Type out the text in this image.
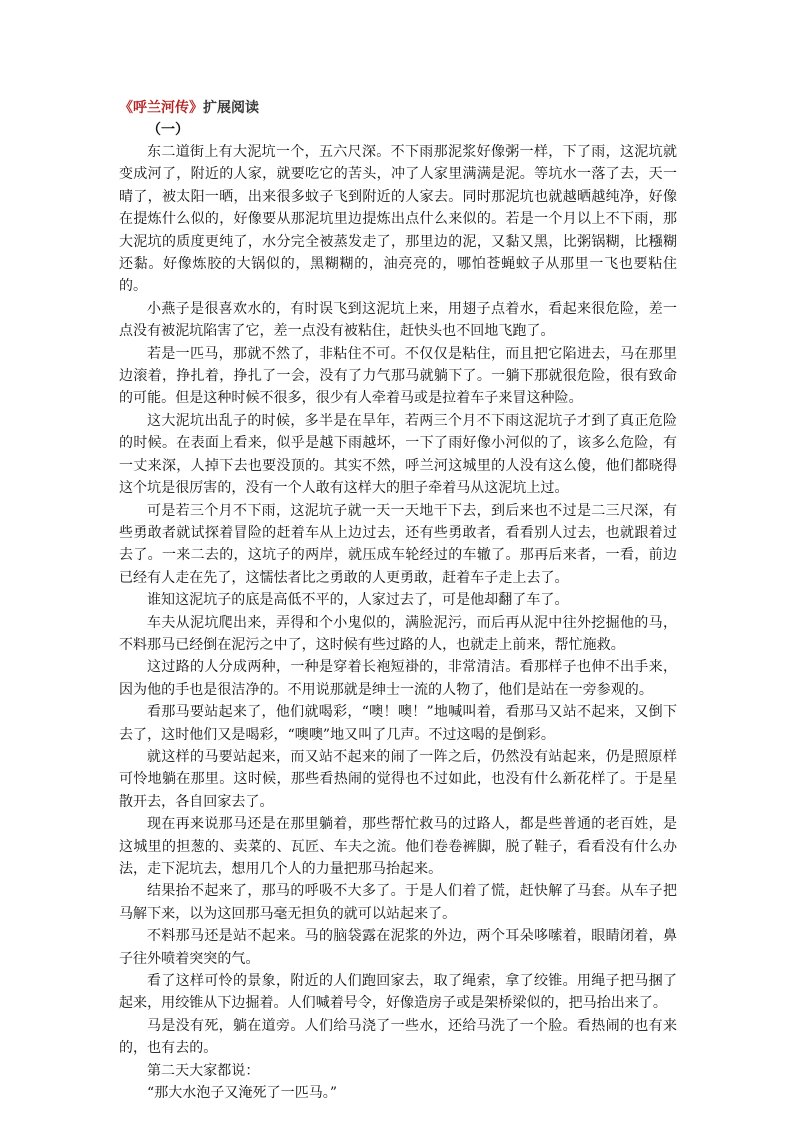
《呼兰河传》扩展阅读

（一）

东二道街上有大泥坑一个，五六尺深。不下雨那泥浆好像粥一样，下了雨，这泥坑就变成河了，附近的人家，就要吃它的苦头，冲了人家里满满是泥。等坑水一落了去，天一晴了，被太阳一晒，出来很多蚊子飞到附近的人家去。同时那泥坑也就越晒越纯净，好像在提炼什么似的，好像要从那泥坑里边提炼出点什么来似的。若是一个月以上不下雨，那大泥坑的质度更纯了，水分完全被蒸发走了，那里边的泥，又黏又黑，比粥锅糊，比糨糊还黏。好像炼胶的大锅似的，黑糊糊的，油亮亮的，哪怕苍蝇蚊子从那里一飞也要粘住的。

小燕子是很喜欢水的，有时误飞到这泥坑上来，用翅子点着水，看起来很危险，差一点没有被泥坑陷害了它，差一点没有被粘住，赶快头也不回地飞跑了。

若是一匹马，那就不然了，非粘住不可。不仅仅是粘住，而且把它陷进去，马在那里边滚着，挣扎着，挣扎了一会，没有了力气那马就躺下了。一躺下那就很危险，很有致命的可能。但是这种时候不很多，很少有人牵着马或是拉着车子来冒这种险。

这大泥坑出乱子的时候，多半是在旱年，若两三个月不下雨这泥坑子才到了真正危险的时候。在表面上看来，似乎是越下雨越坏，一下了雨好像小河似的了，该多么危险，有一丈来深，人掉下去也要没顶的。其实不然，呼兰河这城里的人没有这么傻，他们都晓得这个坑是很厉害的，没有一个人敢有这样大的胆子牵着马从这泥坑上过。

可是若三个月不下雨，这泥坑子就一天一天地干下去，到后来也不过是二三尺深，有些勇敢者就试探着冒险的赶着车从上边过去，还有些勇敢者，看看别人过去，也就跟着过去了。一来二去的，这坑子的两岸，就压成车轮经过的车辙了。那再后来者，一看，前边已经有人走在先了，这懦怯者比之勇敢的人更勇敢，赶着车子走上去了。

谁知这泥坑子的底是高低不平的，人家过去了，可是他却翻了车了。

车夫从泥坑爬出来，弄得和个小鬼似的，满脸泥污，而后再从泥中往外挖掘他的马，不料那马已经倒在泥污之中了，这时候有些过路的人，也就走上前来，帮忙施救。

这过路的人分成两种，一种是穿着长袍短褂的，非常清洁。看那样子也伸不出手来，因为他的手也是很洁净的。不用说那就是绅士一流的人物了，他们是站在一旁参观的。

看那马要站起来了，他们就喝彩，“噢！噢！”地喊叫着，看那马又站不起来，又倒下去了，这时他们又是喝彩，“噢噢”地又叫了几声。不过这喝的是倒彩。

就这样的马要站起来，而又站不起来的闹了一阵之后，仍然没有站起来，仍是照原样可怜地躺在那里。这时候，那些看热闹的觉得也不过如此，也没有什么新花样了。于是星散开去，各自回家去了。

现在再来说那马还是在那里躺着，那些帮忙救马的过路人，都是些普通的老百姓，是这城里的担葱的、卖菜的、瓦匠、车夫之流。他们卷卷裤脚，脱了鞋子，看看没有什么办法，走下泥坑去，想用几个人的力量把那马抬起来。

结果抬不起来了，那马的呼吸不大多了。于是人们着了慌，赶快解了马套。从车子把马解下来，以为这回那马毫无担负的就可以站起来了。

不料那马还是站不起来。马的脑袋露在泥浆的外边，两个耳朵哆嗦着，眼睛闭着，鼻子往外喷着突突的气。

看了这样可怜的景象，附近的人们跑回家去，取了绳索，拿了绞锥。用绳子把马捆了起来，用绞锥从下边掘着。人们喊着号令，好像造房子或是架桥梁似的，把马抬出来了。

马是没有死，躺在道旁。人们给马浇了一些水，还给马洗了一个脸。看热闹的也有来的，也有去的。

第二天大家都说：

“那大水泡子又淹死了一匹马。”
